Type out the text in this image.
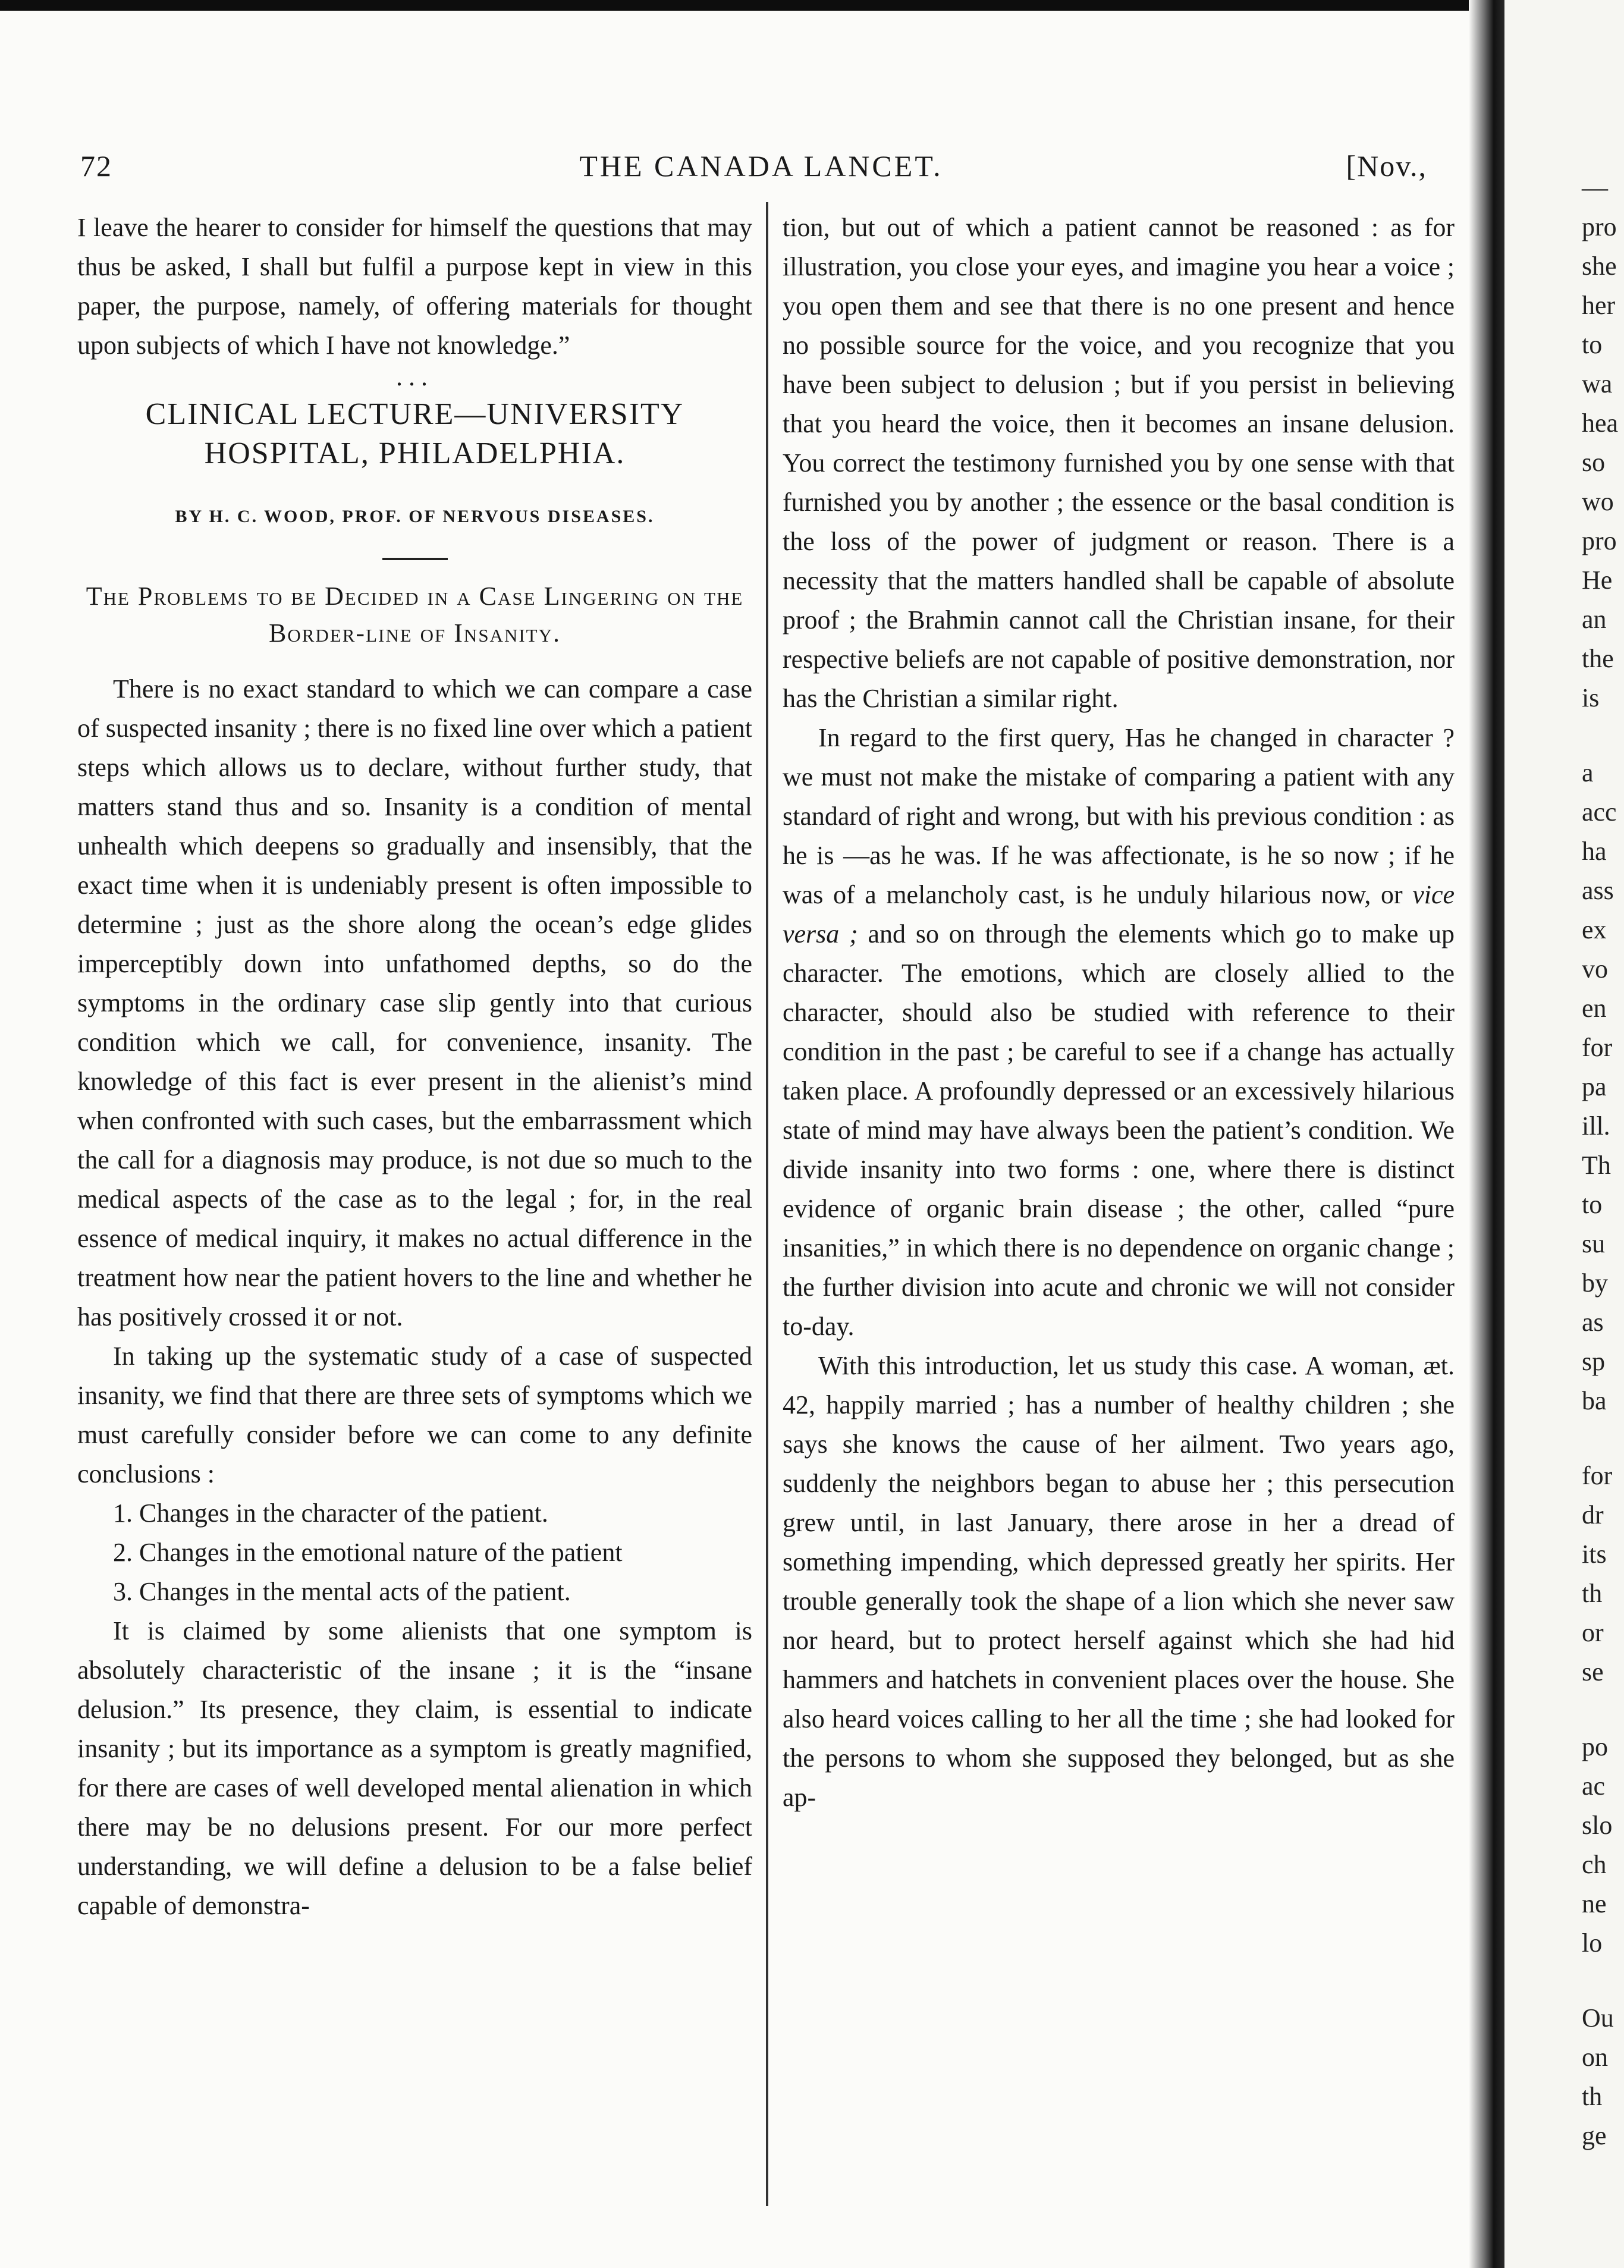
72	THE CANADA LANCET.	[Nov.,

I leave the hearer to consider for himself the questions that may thus be asked, I shall but fulfil a purpose kept in view in this paper, the purpose, namely, of offering materials for thought upon subjects of which I have not knowledge.”

...
CLINICAL LECTURE—UNIVERSITY HOSPITAL, PHILADELPHIA.
BY H. C. WOOD, PROF. OF NERVOUS DISEASES.
The Problems to be Decided in a Case Lingering on the Border-line of Insanity.

There is no exact standard to which we can compare a case of suspected insanity ; there is no fixed line over which a patient steps which allows us to declare, without further study, that matters stand thus and so. Insanity is a condition of mental unhealth which deepens so gradually and insensibly, that the exact time when it is undeniably present is often impossible to determine ; just as the shore along the ocean’s edge glides imperceptibly down into unfathomed depths, so do the symptoms in the ordinary case slip gently into that curious condition which we call, for convenience, insanity. The knowledge of this fact is ever present in the alienist’s mind when confronted with such cases, but the embarrassment which the call for a diagnosis may produce, is not due so much to the medical aspects of the case as to the legal ; for, in the real essence of medical inquiry, it makes no actual difference in the treatment how near the patient hovers to the line and whether he has positively crossed it or not.

In taking up the systematic study of a case of suspected insanity, we find that there are three sets of symptoms which we must carefully consider before we can come to any definite conclusions :

1. Changes in the character of the patient.
2. Changes in the emotional nature of the patient
3. Changes in the mental acts of the patient.

It is claimed by some alienists that one symptom is absolutely characteristic of the insane ; it is the “insane delusion.” Its presence, they claim, is essential to indicate insanity ; but its importance as a symptom is greatly magnified, for there are cases of well developed mental alienation in which there may be no delusions present. For our more perfect understanding, we will define a delusion to be a false belief capable of demonstra-

tion, but out of which a patient cannot be reasoned : as for illustration, you close your eyes, and imagine you hear a voice ; you open them and see that there is no one present and hence no possible source for the voice, and you recognize that you have been subject to delusion ; but if you persist in believing that you heard the voice, then it becomes an insane delusion. You correct the testimony furnished you by one sense with that furnished you by another ; the essence or the basal condition is the loss of the power of judgment or reason. There is a necessity that the matters handled shall be capable of absolute proof ; the Brahmin cannot call the Christian insane, for their respective beliefs are not capable of positive demonstration, nor has the Christian a similar right.

In regard to the first query, Has he changed in character ? we must not make the mistake of comparing a patient with any standard of right and wrong, but with his previous condition : as he is —as he was. If he was affectionate, is he so now ; if he was of a melancholy cast, is he unduly hilarious now, or vice versa ; and so on through the elements which go to make up character. The emotions, which are closely allied to the character, should also be studied with reference to their condition in the past ; be careful to see if a change has actually taken place. A profoundly depressed or an excessively hilarious state of mind may have always been the patient’s condition. We divide insanity into two forms : one, where there is distinct evidence of organic brain disease ; the other, called “pure insanities,” in which there is no dependence on organic change ; the further division into acute and chronic we will not consider to-day.

With this introduction, let us study this case. A woman, æt. 42, happily married ; has a number of healthy children ; she says she knows the cause of her ailment. Two years ago, suddenly the neighbors began to abuse her ; this persecution grew until, in last January, there arose in her a dread of something impending, which depressed greatly her spirits. Her trouble generally took the shape of a lion which she never saw nor heard, but to protect herself against which she had hid hammers and hatchets in convenient places over the house. She also heard voices calling to her all the time ; she had looked for the persons to whom she supposed they belonged, but as she ap-

—
pro
she
her
to
wa
hea
so
wo
pro
He
an
the
is
a
acc
ha
ass
ex
vo
en
for
pa
ill.
Th
to
su
by
as
sp
ba
for
dr
its
th
or
se
po
ac
slo
ch
ne
lo
Ou
on
th
ge
